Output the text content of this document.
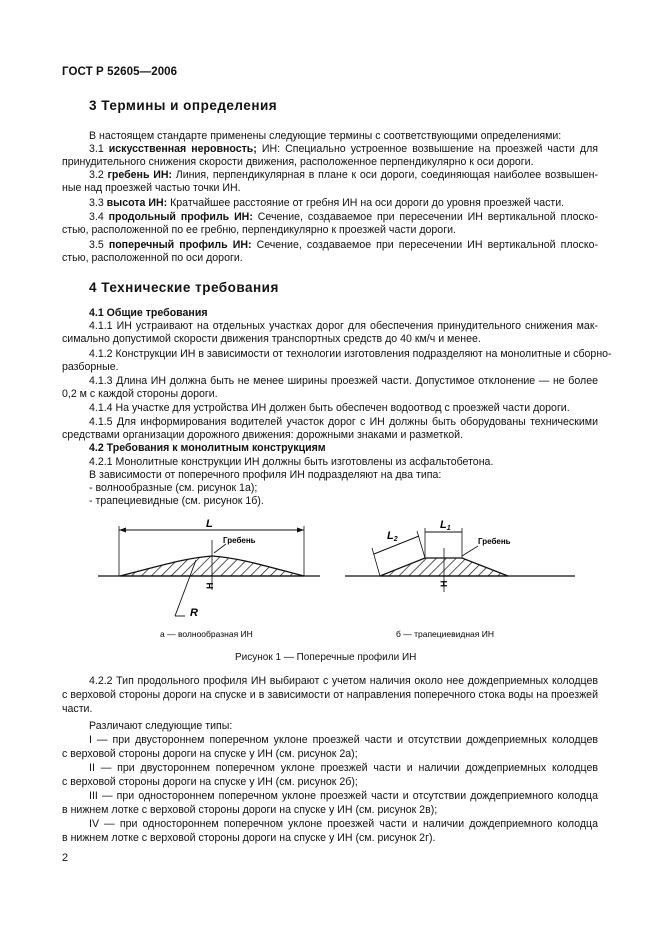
ГОСТ Р 52605—2006
3 Термины и определения
В настоящем стандарте применены следующие термины с соответствующими определениями:
3.1 искусственная неровность; ИН: Специально устроенное возвышение на проезжей части для
принудительного снижения скорости движения, расположенное перпендикулярно к оси дороги.
3.2 гребень ИН: Линия, перпендикулярная в плане к оси дороги, соединяющая наиболее возвышен-
ные над проезжей частью точки ИН.
3.3 высота ИН: Кратчайшее расстояние от гребня ИН на оси дороги до уровня проезжей части.
3.4 продольный профиль ИН: Сечение, создаваемое при пересечении ИН вертикальной плоско-
стью, расположенной по ее гребню, перпендикулярно к проезжей части дороги.
3.5 поперечный профиль ИН: Сечение, создаваемое при пересечении ИН вертикальной плоско-
стью, расположенной по оси дороги.
4 Технические требования
4.1 Общие требования
4.1.1 ИН устраивают на отдельных участках дорог для обеспечения принудительного снижения мак-
симально допустимой скорости движения транспортных средств до 40 км/ч и менее.
4.1.2 Конструкции ИН в зависимости от технологии изготовления подразделяют на монолитные и сборно-
разборные.
4.1.3 Длина ИН должна быть не менее ширины проезжей части. Допустимое отклонение — не более
0,2 м с каждой стороны дороги.
4.1.4 На участке для устройства ИН должен быть обеспечен водоотвод с проезжей части дороги.
4.1.5 Для информирования водителей участок дорог с ИН должны быть оборудованы техническими
средствами организации дорожного движения: дорожными знаками и разметкой.
4.2 Требования к монолитным конструкциям
4.2.1 Монолитные конструкции ИН должны быть изготовлены из асфальтобетона.
В зависимости от поперечного профиля ИН подразделяют на два типа:
- волнообразные (см. рисунок 1а);
- трапециевидные (см. рисунок 1б).
L
Гребень
H
R
L2
L1
Гребень
H
а — волнообразная ИН	б — трапециевидная ИН
Рисунок 1 — Поперечные профили ИН
4.2.2 Тип продольного профиля ИН выбирают с учетом наличия около нее дождеприемных колодцев
с верховой стороны дороги на спуске и в зависимости от направления поперечного стока воды на проезжей
части.
Различают следующие типы:
I — при двустороннем поперечном уклоне проезжей части и отсутствии дождеприемных колодцев
с верховой стороны дороги на спуске у ИН (см. рисунок 2а);
II — при двустороннем поперечном уклоне проезжей части и наличии дождеприемных колодцев
с верховой стороны дороги на спуске у ИН (см. рисунок 2б);
III — при одностороннем поперечном уклоне проезжей части и отсутствии дождеприемного колодца
в нижнем лотке с верховой стороны дороги на спуске у ИН (см. рисунок 2в);
IV — при одностороннем поперечном уклоне проезжей части и наличии дождеприемного колодца
в нижнем лотке с верховой стороны дороги на спуске у ИН (см. рисунок 2г).
2
